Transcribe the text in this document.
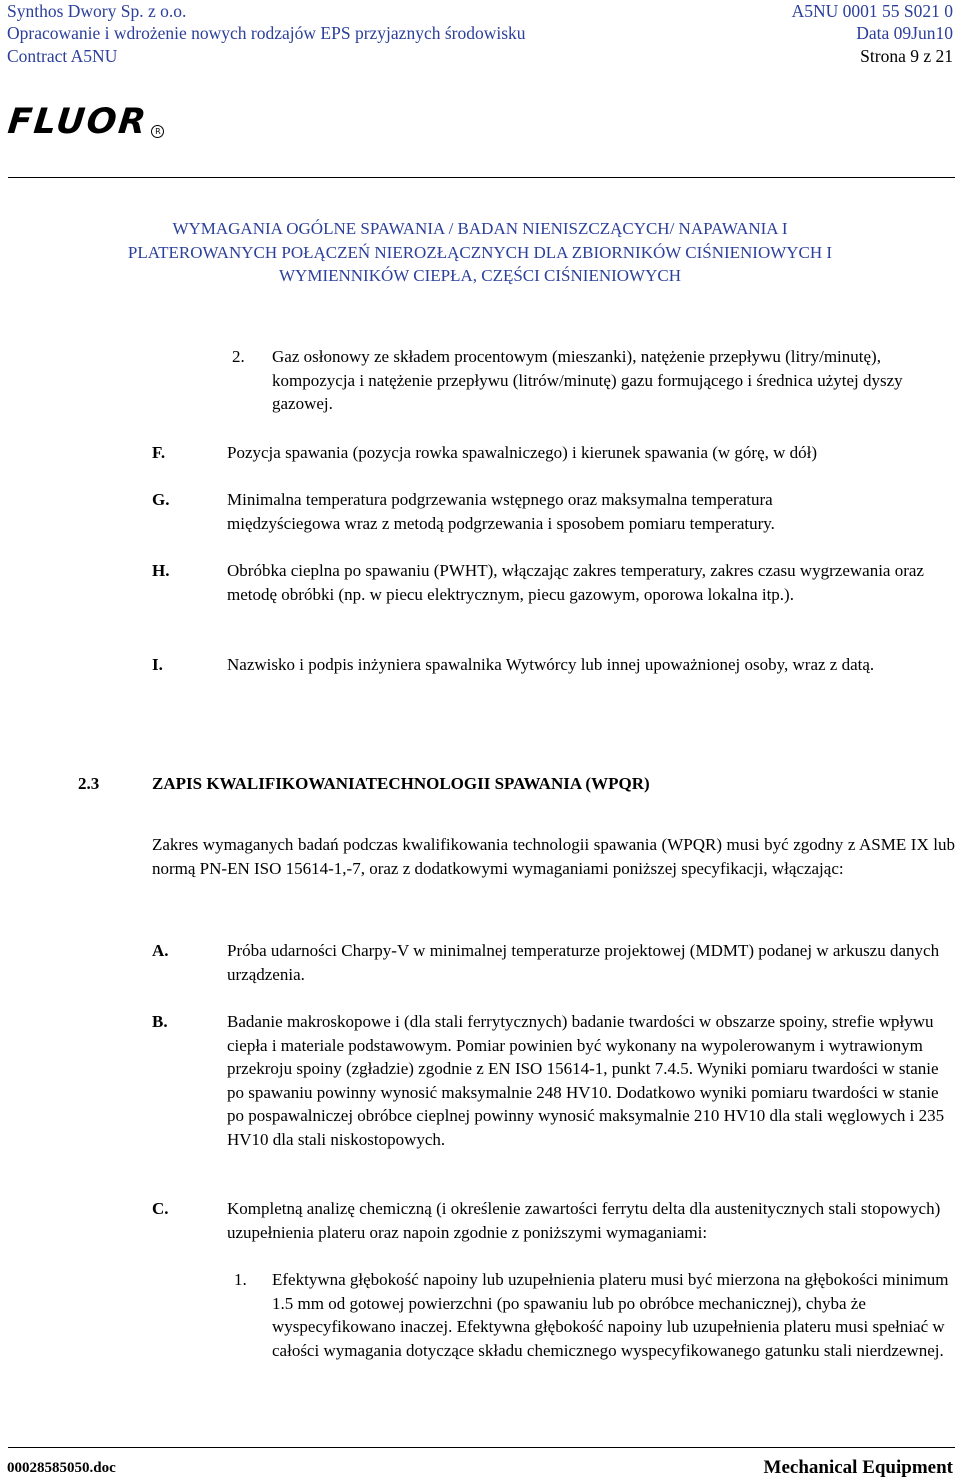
Synthos Dwory Sp. z o.o.	A5NU 0001 55 S021 0
Opracowanie i wdrożenie nowych rodzajów EPS przyjaznych środowisku	Data 09Jun10
Contract A5NU	Strona 9 z 21
FLUOR R
WYMAGANIA OGÓLNE SPAWANIA / BADAN NIENISZCZĄCYCH/ NAPAWANIA I
PLATEROWANYCH POŁĄCZEŃ NIEROZŁĄCZNYCH DLA ZBIORNIKÓW CIŚNIENIOWYCH I
WYMIENNIKÓW CIEPŁA, CZĘŚCI CIŚNIENIOWYCH
2. Gaz osłonowy ze składem procentowym (mieszanki), natężenie przepływu (litry/minutę), kompozycja i natężenie przepływu (litrów/minutę) gazu formującego i średnica użytej dyszy gazowej.
F.	Pozycja spawania (pozycja rowka spawalniczego) i kierunek spawania (w górę, w dół)
G.	Minimalna temperatura podgrzewania wstępnego oraz maksymalna temperatura międzyściegowa wraz z metodą podgrzewania i sposobem pomiaru temperatury.
H.	Obróbka cieplna po spawaniu (PWHT), włączając zakres temperatury, zakres czasu wygrzewania oraz metodę obróbki (np. w piecu elektrycznym, piecu gazowym, oporowa lokalna itp.).
I.	Nazwisko i podpis inżyniera spawalnika Wytwórcy lub innej upoważnionej osoby, wraz z datą.
2.3	ZAPIS KWALIFIKOWANIATECHNOLOGII SPAWANIA (WPQR)
Zakres wymaganych badań podczas kwalifikowania technologii spawania (WPQR) musi być zgodny z ASME IX lub normą PN-EN ISO 15614-1,-7, oraz z dodatkowymi wymaganiami poniższej specyfikacji, włączając:
A.	Próba udarności Charpy-V w minimalnej temperaturze projektowej (MDMT) podanej w arkuszu danych urządzenia.
B.	Badanie makroskopowe i (dla stali ferrytycznych) badanie twardości w obszarze spoiny, strefie wpływu ciepła i materiale podstawowym. Pomiar powinien być wykonany na wypolerowanym i wytrawionym przekroju spoiny (zgładzie) zgodnie z EN ISO 15614-1, punkt 7.4.5. Wyniki pomiaru twardości w stanie po spawaniu powinny wynosić maksymalnie 248 HV10. Dodatkowo wyniki pomiaru twardości w stanie po pospawalniczej obróbce cieplnej powinny wynosić maksymalnie 210 HV10 dla stali węglowych i 235 HV10 dla stali niskostopowych.
C.	Kompletną analizę chemiczną (i określenie zawartości ferrytu delta dla austenitycznych stali stopowych) uzupełnienia plateru oraz napoin zgodnie z poniższymi wymaganiami:
1. Efektywna głębokość napoiny lub uzupełnienia plateru musi być mierzona na głębokości minimum 1.5 mm od gotowej powierzchni (po spawaniu lub po obróbce mechanicznej), chyba że wyspecyfikowano inaczej. Efektywna głębokość napoiny lub uzupełnienia plateru musi spełniać w całości wymagania dotyczące składu chemicznego wyspecyfikowanego gatunku stali nierdzewnej.
00028585050.doc	Mechanical Equipment
